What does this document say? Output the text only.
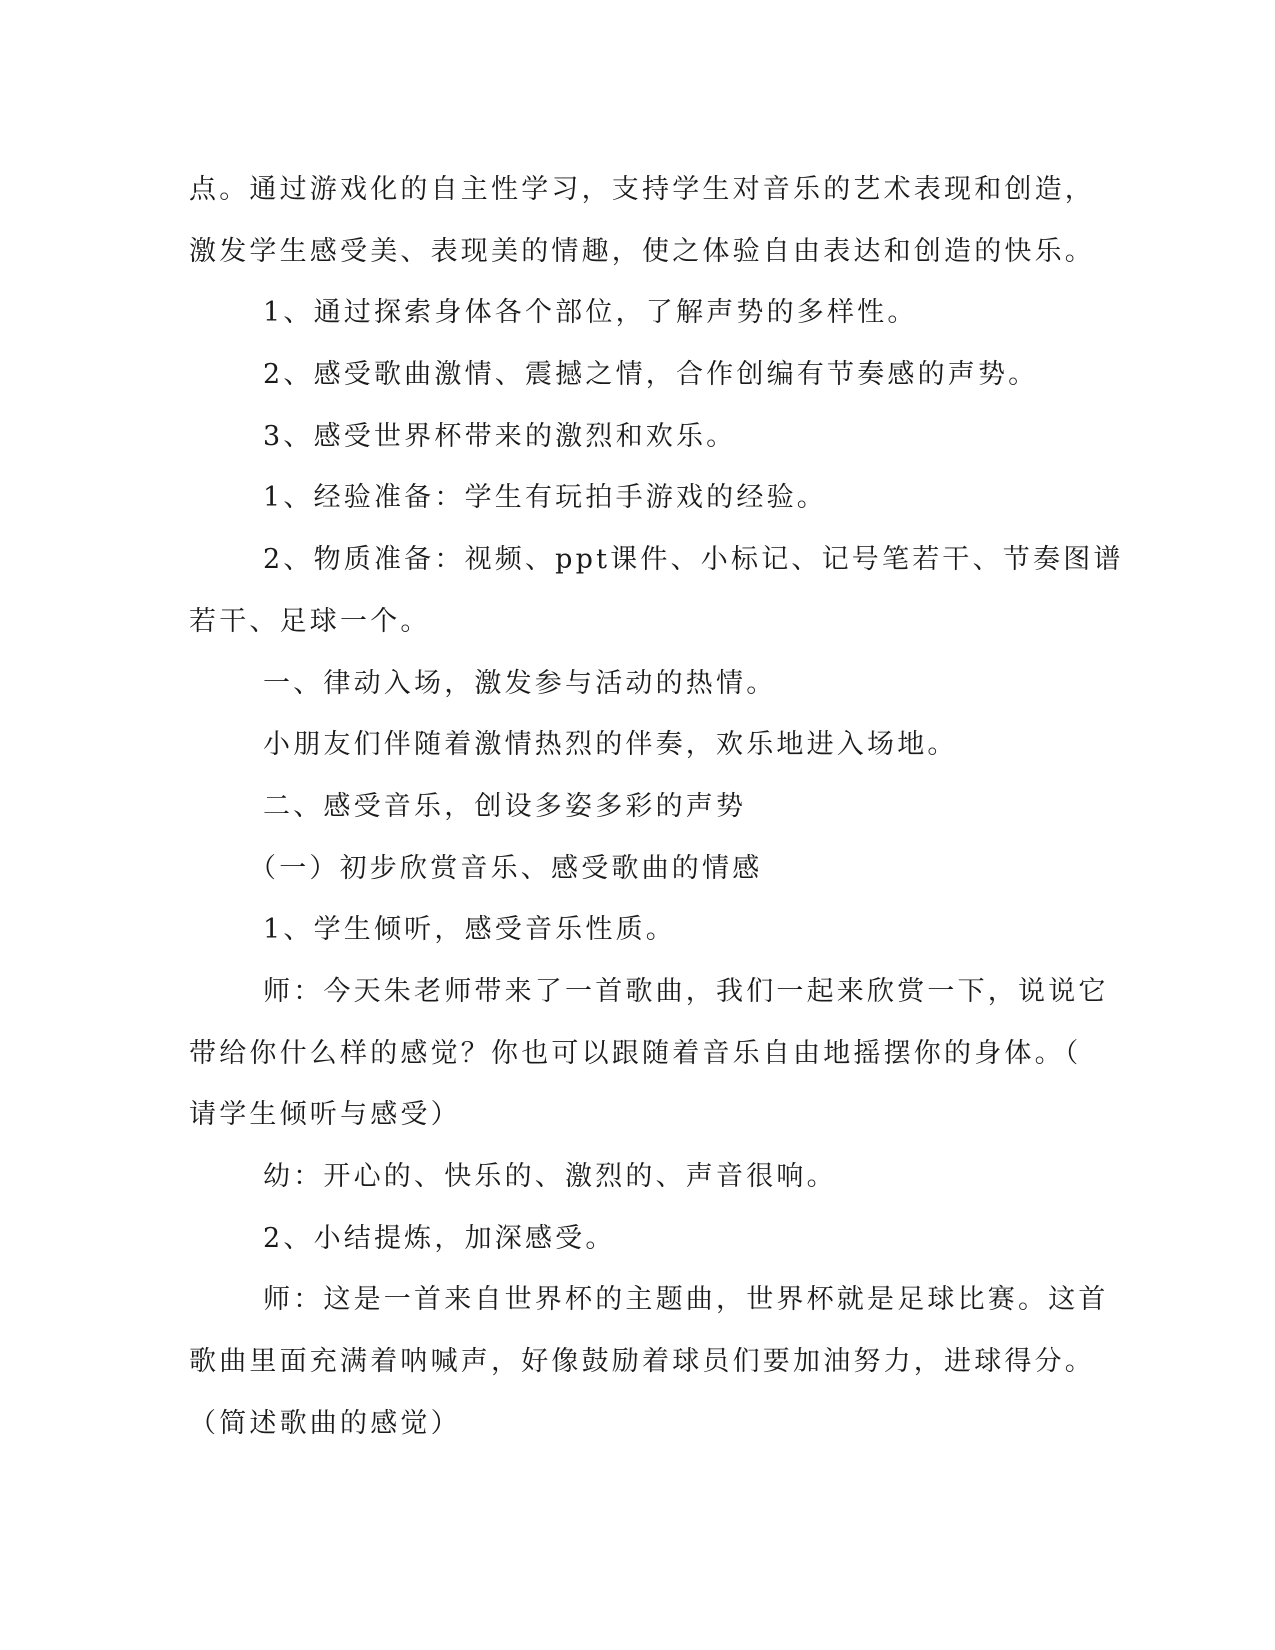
点。通过游戏化的自主性学习，支持学生对音乐的艺术表现和创造，
激发学生感受美、表现美的情趣，使之体验自由表达和创造的快乐。
1、通过探索身体各个部位，了解声势的多样性。
2、感受歌曲激情、震撼之情，合作创编有节奏感的声势。
3、感受世界杯带来的激烈和欢乐。
1、经验准备：学生有玩拍手游戏的经验。
2、物质准备：视频、ppt课件、小标记、记号笔若干、节奏图谱
若干、足球一个。
一、律动入场，激发参与活动的热情。
小朋友们伴随着激情热烈的伴奏，欢乐地进入场地。
二、感受音乐，创设多姿多彩的声势
（一）初步欣赏音乐、感受歌曲的情感
1、学生倾听，感受音乐性质。
师：今天朱老师带来了一首歌曲，我们一起来欣赏一下，说说它
带给你什么样的感觉？你也可以跟随着音乐自由地摇摆你的身体。（
请学生倾听与感受）
幼：开心的、快乐的、激烈的、声音很响。
2、小结提炼，加深感受。
师：这是一首来自世界杯的主题曲，世界杯就是足球比赛。这首
歌曲里面充满着呐喊声，好像鼓励着球员们要加油努力，进球得分。
（简述歌曲的感觉）
